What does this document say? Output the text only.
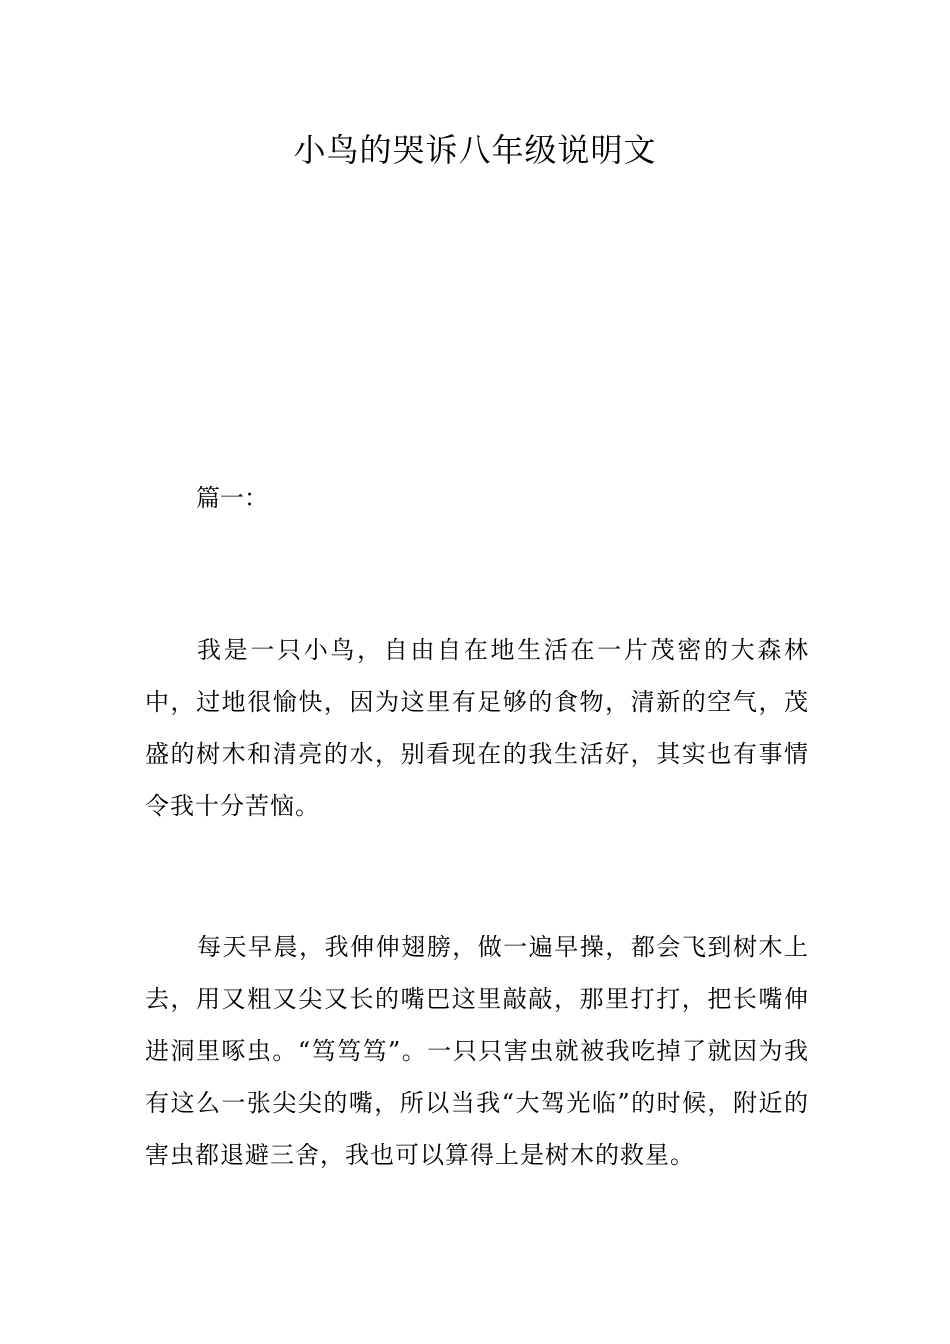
小鸟的哭诉八年级说明文

篇一：

我是一只小鸟，自由自在地生活在一片茂密的大森林中，过地很愉快，因为这里有足够的食物，清新的空气，茂盛的树木和清亮的水，别看现在的我生活好，其实也有事情令我十分苦恼。

每天早晨，我伸伸翅膀，做一遍早操，都会飞到树木上去，用又粗又尖又长的嘴巴这里敲敲，那里打打，把长嘴伸进洞里啄虫。“笃笃笃”。一只只害虫就被我吃掉了就因为我有这么一张尖尖的嘴，所以当我“大驾光临”的时候，附近的害虫都退避三舍，我也可以算得上是树木的救星。
